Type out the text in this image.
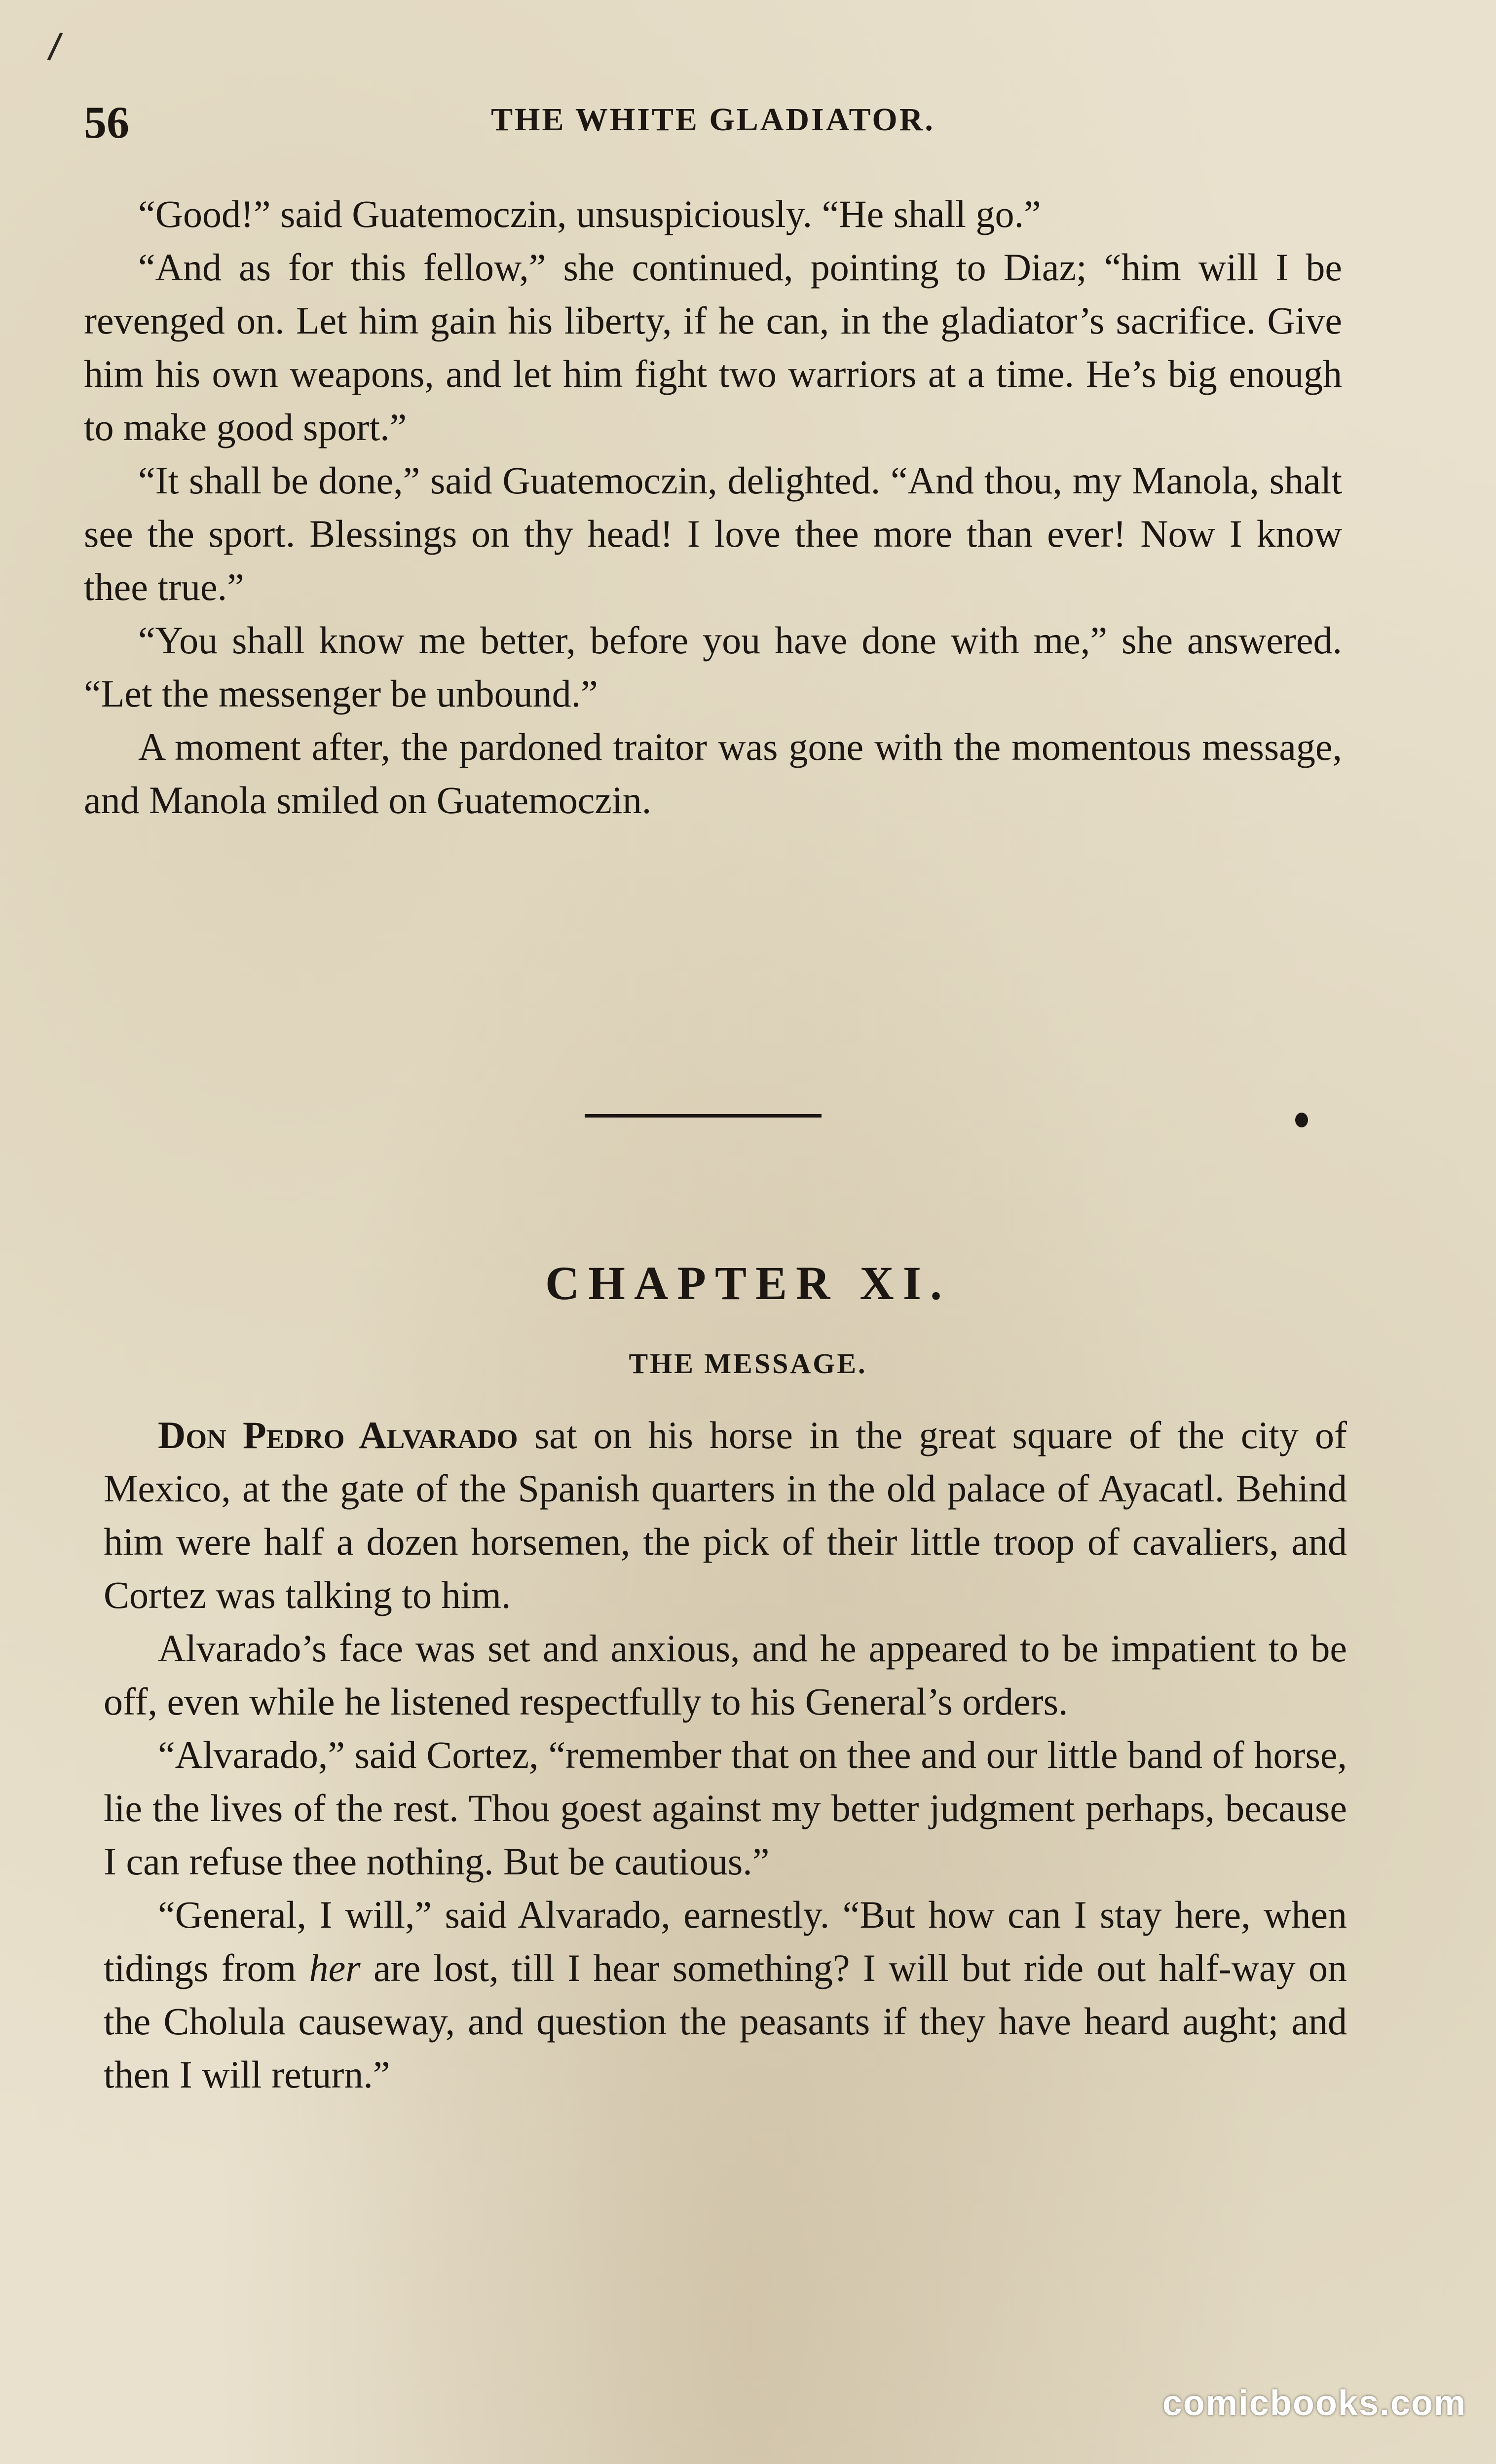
/
56	THE WHITE GLADIATOR.

“Good!” said Guatemoczin, unsuspiciously. “He shall go.”

“And as for this fellow,” she continued, pointing to Diaz; “him will I be revenged on. Let him gain his liberty, if he can, in the gladiator’s sacrifice. Give him his own weapons, and let him fight two warriors at a time. He’s big enough to make good sport.”

“It shall be done,” said Guatemoczin, delighted. “And thou, my Manola, shalt see the sport. Blessings on thy head! I love thee more than ever! Now I know thee true.”

“You shall know me better, before you have done with me,” she answered. “Let the messenger be unbound.”

A moment after, the pardoned traitor was gone with the momentous message, and Manola smiled on Guatemoczin.

CHAPTER XI.
THE MESSAGE.

Don Pedro Alvarado sat on his horse in the great square of the city of Mexico, at the gate of the Spanish quarters in the old palace of Ayacatl. Behind him were half a dozen horsemen, the pick of their little troop of cavaliers, and Cortez was talking to him.

Alvarado’s face was set and anxious, and he appeared to be impatient to be off, even while he listened respectfully to his General’s orders.

“Alvarado,” said Cortez, “remember that on thee and our little band of horse, lie the lives of the rest. Thou goest against my better judgment perhaps, because I can refuse thee nothing. But be cautious.”

“General, I will,” said Alvarado, earnestly. “But how can I stay here, when tidings from her are lost, till I hear something? I will but ride out half-way on the Cholula causeway, and question the peasants if they have heard aught; and then I will return.”

comicbooks.com
